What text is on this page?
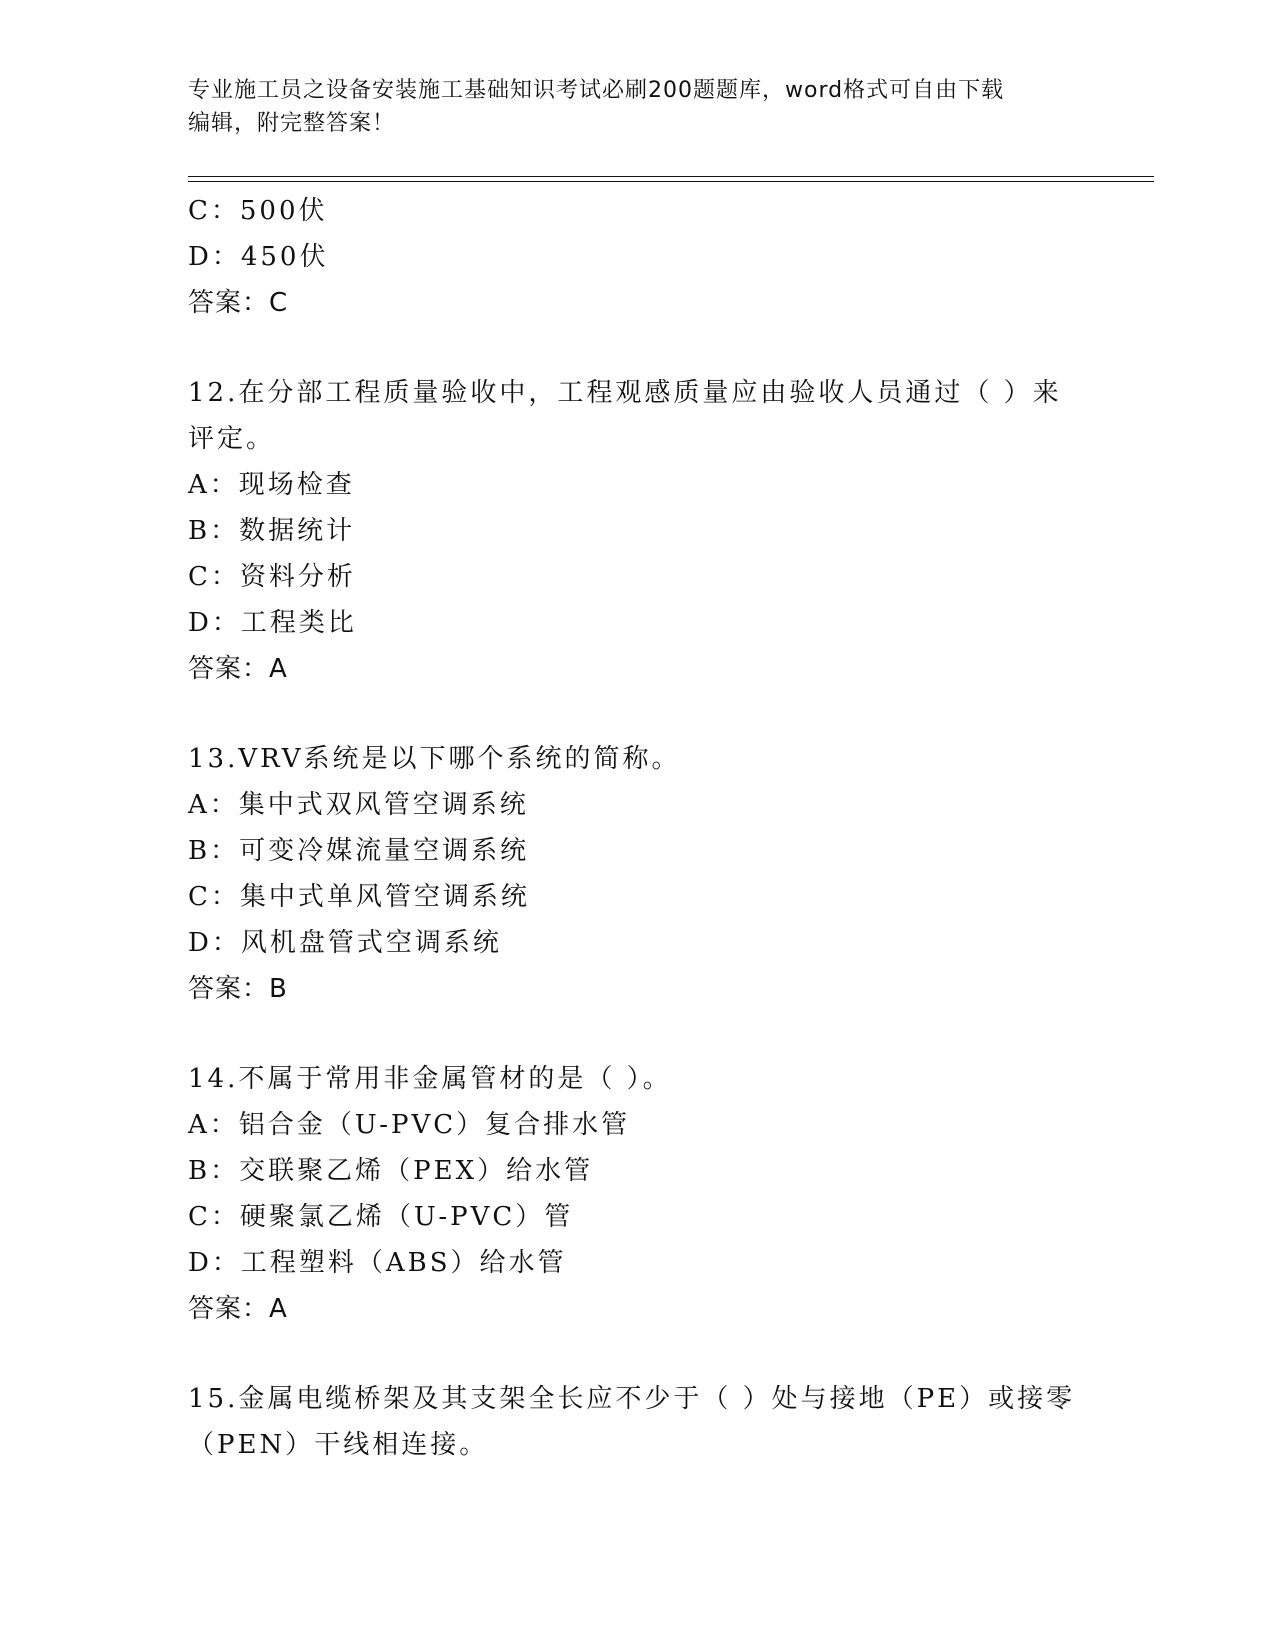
专业施工员之设备安装施工基础知识考试必刷200题题库，word格式可自由下载
编辑，附完整答案！
C：500伏
D：450伏
答案：C
12.在分部工程质量验收中，工程观感质量应由验收人员通过（ ）来
评定。
A：现场检查
B：数据统计
C：资料分析
D：工程类比
答案：A
13.VRV系统是以下哪个系统的简称。
A：集中式双风管空调系统
B：可变冷媒流量空调系统
C：集中式单风管空调系统
D：风机盘管式空调系统
答案：B
14.不属于常用非金属管材的是（ ）。
A：铝合金（U-PVC）复合排水管
B：交联聚乙烯（PEX）给水管
C：硬聚氯乙烯（U-PVC）管
D：工程塑料（ABS）给水管
答案：A
15.金属电缆桥架及其支架全长应不少于（ ）处与接地（PE）或接零
（PEN）干线相连接。
